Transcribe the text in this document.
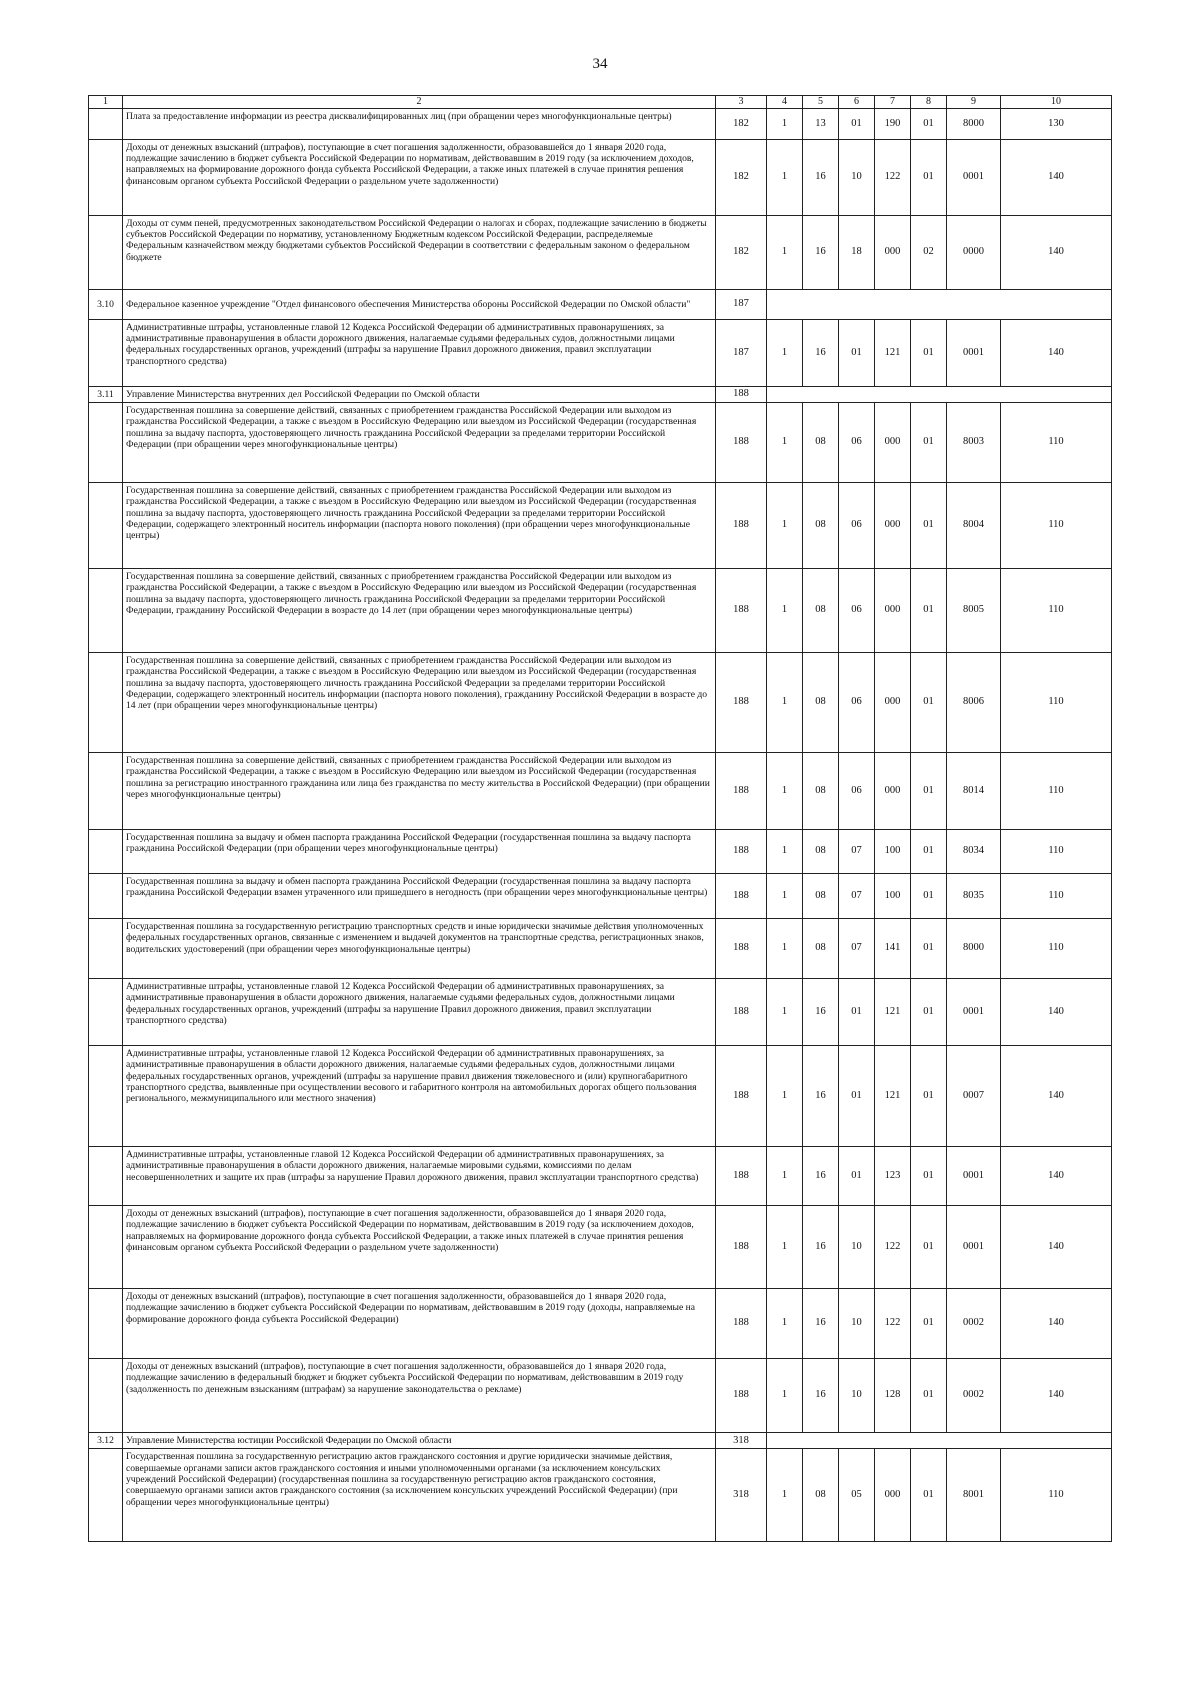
34
1	2	3	4	5	6	7	8	9	10
	Плата за предоставление информации из реестра дисквалифицированных лиц (при обращении через многофункциональные центры)	182	1	13	01	190	01	8000	130
	Доходы от денежных взысканий (штрафов), поступающие в счет погашения задолженности, образовавшейся до 1 января 2020 года, подлежащие зачислению в бюджет субъекта Российской Федерации по нормативам, действовавшим в 2019 году (за исключением доходов, направляемых на формирование дорожного фонда субъекта Российской Федерации, а также иных платежей в случае принятия решения финансовым органом субъекта Российской Федерации о раздельном учете задолженности)	182	1	16	10	122	01	0001	140
	Доходы от сумм пеней, предусмотренных законодательством Российской Федерации о налогах и сборах, подлежащие зачислению в бюджеты субъектов Российской Федерации по нормативу, установленному Бюджетным кодексом Российской Федерации, распределяемые Федеральным казначейством между бюджетами субъектов Российской Федерации в соответствии с федеральным законом о федеральном бюджете	182	1	16	18	000	02	0000	140
3.10	Федеральное казенное учреждение "Отдел финансового обеспечения Министерства обороны Российской Федерации по Омской области"	187							
	Административные штрафы, установленные главой 12 Кодекса Российской Федерации об административных правонарушениях, за административные правонарушения в области дорожного движения, налагаемые судьями федеральных судов, должностными лицами федеральных государственных органов, учреждений (штрафы за нарушение Правил дорожного движения, правил эксплуатации транспортного средства)	187	1	16	01	121	01	0001	140
3.11	Управление Министерства внутренних дел Российской Федерации по Омской области	188							
	Государственная пошлина за совершение действий, связанных с приобретением гражданства Российской Федерации или выходом из гражданства Российской Федерации, а также с въездом в Российскую Федерацию или выездом из Российской Федерации (государственная пошлина за выдачу паспорта, удостоверяющего личность гражданина Российской Федерации за пределами территории Российской Федерации (при обращении через многофункциональные центры)	188	1	08	06	000	01	8003	110
	Государственная пошлина за совершение действий, связанных с приобретением гражданства Российской Федерации или выходом из гражданства Российской Федерации, а также с въездом в Российскую Федерацию или выездом из Российской Федерации (государственная пошлина за выдачу паспорта, удостоверяющего личность гражданина Российской Федерации за пределами территории Российской Федерации, содержащего электронный носитель информации (паспорта нового поколения) (при обращении через многофункциональные центры)	188	1	08	06	000	01	8004	110
	Государственная пошлина за совершение действий, связанных с приобретением гражданства Российской Федерации или выходом из гражданства Российской Федерации, а также с въездом в Российскую Федерацию или выездом из Российской Федерации (государственная пошлина за выдачу паспорта, удостоверяющего личность гражданина Российской Федерации за пределами территории Российской Федерации, гражданину Российской Федерации в возрасте до 14 лет (при обращении через многофункциональные центры)	188	1	08	06	000	01	8005	110
	Государственная пошлина за совершение действий, связанных с приобретением гражданства Российской Федерации или выходом из гражданства Российской Федерации, а также с въездом в Российскую Федерацию или выездом из Российской Федерации (государственная пошлина за выдачу паспорта, удостоверяющего личность гражданина Российской Федерации за пределами территории Российской Федерации, содержащего электронный носитель информации (паспорта нового поколения), гражданину Российской Федерации в возрасте до 14 лет (при обращении через многофункциональные центры)	188	1	08	06	000	01	8006	110
	Государственная пошлина за совершение действий, связанных с приобретением гражданства Российской Федерации или выходом из гражданства Российской Федерации, а также с въездом в Российскую Федерацию или выездом из Российской Федерации (государственная пошлина за регистрацию иностранного гражданина или лица без гражданства по месту жительства в Российской Федерации) (при обращении через многофункциональные центры)	188	1	08	06	000	01	8014	110
	Государственная пошлина за выдачу и обмен паспорта гражданина Российской Федерации (государственная пошлина за выдачу паспорта гражданина Российской Федерации (при обращении через многофункциональные центры)	188	1	08	07	100	01	8034	110
	Государственная пошлина за выдачу и обмен паспорта гражданина Российской Федерации (государственная пошлина за выдачу паспорта гражданина Российской Федерации взамен утраченного или пришедшего в негодность (при обращении через многофункциональные центры)	188	1	08	07	100	01	8035	110
	Государственная пошлина за государственную регистрацию транспортных средств и иные юридически значимые действия уполномоченных федеральных государственных органов, связанные с изменением и выдачей документов на транспортные средства, регистрационных знаков, водительских удостоверений (при обращении через многофункциональные центры)	188	1	08	07	141	01	8000	110
	Административные штрафы, установленные главой 12 Кодекса Российской Федерации об административных правонарушениях, за административные правонарушения в области дорожного движения, налагаемые судьями федеральных судов, должностными лицами федеральных государственных органов, учреждений (штрафы за нарушение Правил дорожного движения, правил эксплуатации транспортного средства)	188	1	16	01	121	01	0001	140
	Административные штрафы, установленные главой 12 Кодекса Российской Федерации об административных правонарушениях, за административные правонарушения в области дорожного движения, налагаемые судьями федеральных судов, должностными лицами федеральных государственных органов, учреждений (штрафы за нарушение правил движения тяжеловесного и (или) крупногабаритного транспортного средства, выявленные при осуществлении весового и габаритного контроля на автомобильных дорогах общего пользования регионального, межмуниципального или местного значения)	188	1	16	01	121	01	0007	140
	Административные штрафы, установленные главой 12 Кодекса Российской Федерации об административных правонарушениях, за административные правонарушения в области дорожного движения, налагаемые мировыми судьями, комиссиями по делам несовершеннолетних и защите их прав (штрафы за нарушение Правил дорожного движения, правил эксплуатации транспортного средства)	188	1	16	01	123	01	0001	140
	Доходы от денежных взысканий (штрафов), поступающие в счет погашения задолженности, образовавшейся до 1 января 2020 года, подлежащие зачислению в бюджет субъекта Российской Федерации по нормативам, действовавшим в 2019 году (за исключением доходов, направляемых на формирование дорожного фонда субъекта Российской Федерации, а также иных платежей в случае принятия решения финансовым органом субъекта Российской Федерации о раздельном учете задолженности)	188	1	16	10	122	01	0001	140
	Доходы от денежных взысканий (штрафов), поступающие в счет погашения задолженности, образовавшейся до 1 января 2020 года, подлежащие зачислению в бюджет субъекта Российской Федерации по нормативам, действовавшим в 2019 году (доходы, направляемые на формирование дорожного фонда субъекта Российской Федерации)	188	1	16	10	122	01	0002	140
	Доходы от денежных взысканий (штрафов), поступающие в счет погашения задолженности, образовавшейся до 1 января 2020 года, подлежащие зачислению в федеральный бюджет и бюджет субъекта Российской Федерации по нормативам, действовавшим в 2019 году (задолженность по денежным взысканиям (штрафам) за нарушение законодательства о рекламе)	188	1	16	10	128	01	0002	140
3.12	Управление Министерства юстиции Российской Федерации по Омской области	318							
	Государственная пошлина за государственную регистрацию актов гражданского состояния и другие юридически значимые действия, совершаемые органами записи актов гражданского состояния и иными уполномоченными органами (за исключением консульских учреждений Российской Федерации) (государственная пошлина за государственную регистрацию актов гражданского состояния, совершаемую органами записи актов гражданского состояния (за исключением консульских учреждений Российской Федерации) (при обращении через многофункциональные центры)	318	1	08	05	000	01	8001	110
